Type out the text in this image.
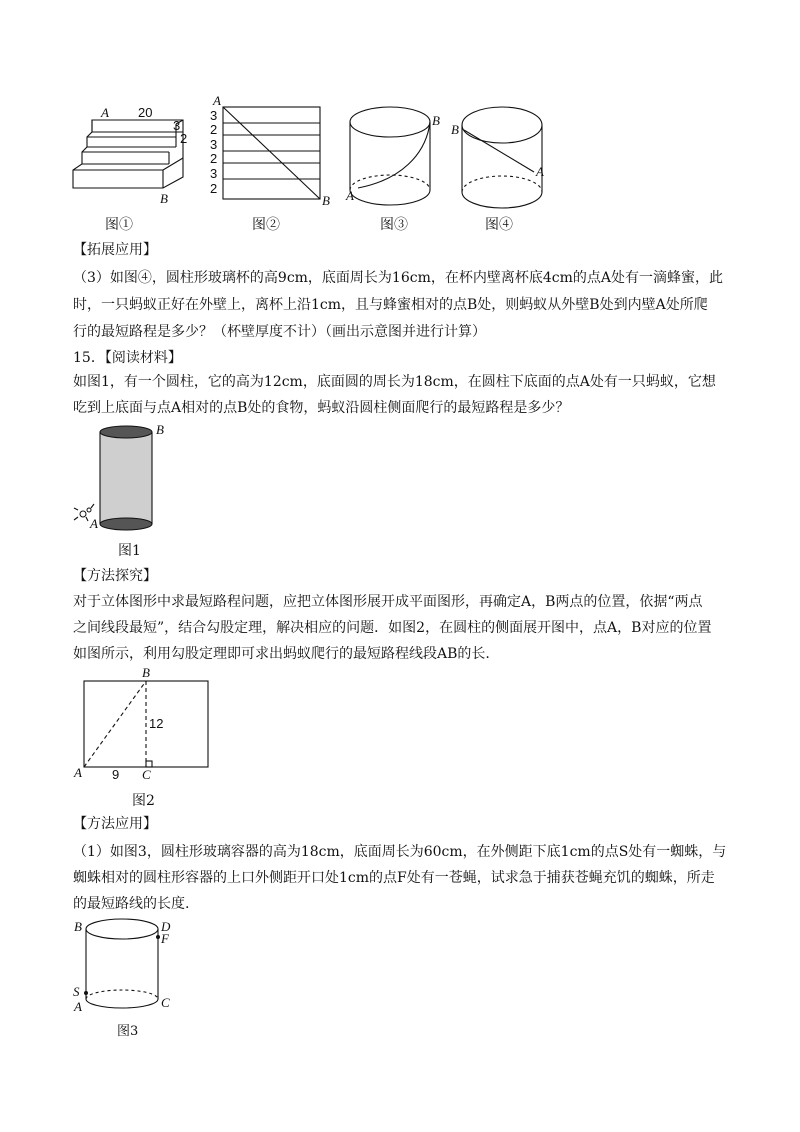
A 20
3
2
B
图①
A
3
2
3
2
3
2
B
图②
B
A
图③
B
A
图④
【拓展应用】
（3）如图④，圆柱形玻璃杯的高9cm，底面周长为16cm，在杯内壁离杯底4cm的点A处有一滴蜂蜜，此
时，一只蚂蚁正好在外壁上，离杯上沿1cm，且与蜂蜜相对的点B处，则蚂蚁从外壁B处到内壁A处所爬
行的最短路程是多少？（杯壁厚度不计）（画出示意图并进行计算）
15．【阅读材料】
如图1，有一个圆柱，它的高为12cm，底面圆的周长为18cm，在圆柱下底面的点A处有一只蚂蚁，它想
吃到上底面与点A相对的点B处的食物，蚂蚁沿圆柱侧面爬行的最短路程是多少？
B
A
图1
【方法探究】
对于立体图形中求最短路程问题，应把立体图形展开成平面图形，再确定A，B两点的位置，依据“两点
之间线段最短”，结合勾股定理，解决相应的问题．如图2，在圆柱的侧面展开图中，点A，B对应的位置
如图所示，利用勾股定理即可求出蚂蚁爬行的最短路程线段AB的长.
B
12
A 9 C
图2
【方法应用】
（1）如图3，圆柱形玻璃容器的高为18cm，底面周长为60cm，在外侧距下底1cm的点S处有一蜘蛛，与
蜘蛛相对的圆柱形容器的上口外侧距开口处1cm的点F处有一苍蝇，试求急于捕获苍蝇充饥的蜘蛛，所走
的最短路线的长度.
B	D
F
S
A	C
图3
